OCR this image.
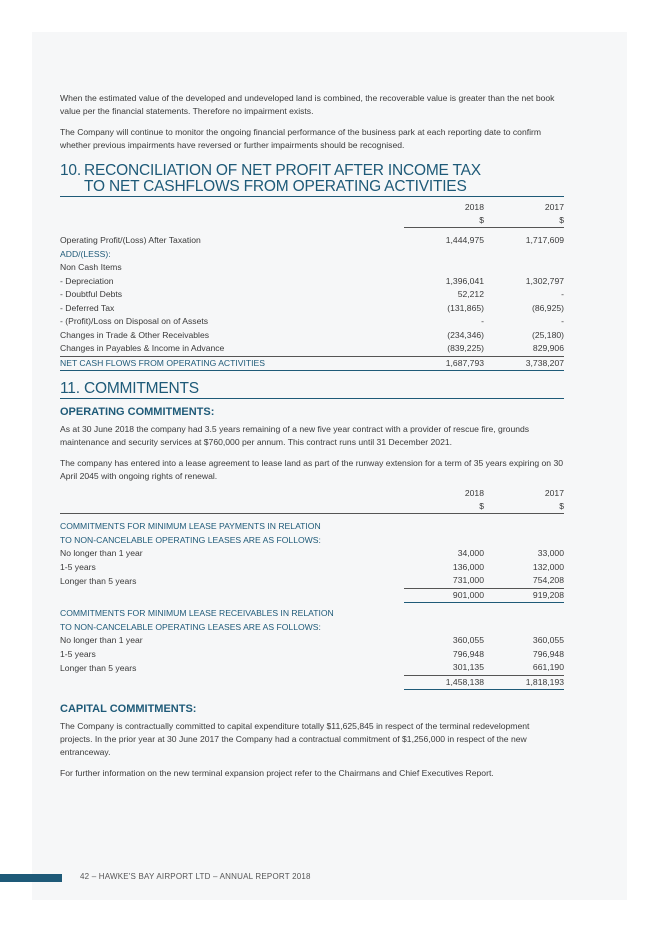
When the estimated value of the developed and undeveloped land is combined, the recoverable value is greater than the net book value per the financial statements. Therefore no impairment exists.

The Company will continue to monitor the ongoing financial performance of the business park at each reporting date to confirm whether previous impairments have reversed or further impairments should be recognised.

10. RECONCILIATION OF NET PROFIT AFTER INCOME TAX
TO NET CASHFLOWS FROM OPERATING ACTIVITIES
	2018	2017
	$	$

Operating Profit/(Loss) After Taxation	1,444,975	1,717,609
ADD/(LESS):		
Non Cash Items		
- Depreciation	1,396,041	1,302,797
- Doubtful Debts	52,212	-
- Deferred Tax	(131,865)	(86,925)
- (Profit)/Loss on Disposal on of Assets	-	-
Changes in Trade & Other Receivables	(234,346)	(25,180)
Changes in Payables & Income in Advance	(839,225)	829,906
NET CASH FLOWS FROM OPERATING ACTIVITIES	1,687,793	3,738,207
11. COMMITMENTS
OPERATING COMMITMENTS:

As at 30 June 2018 the company had 3.5 years remaining of a new five year contract with a provider of rescue fire, grounds maintenance and security services at $760,000 per annum. This contract runs until 31 December 2021.

The company has entered into a lease agreement to lease land as part of the runway extension for a term of 35 years expiring on 30 April 2045 with ongoing rights of renewal.

	2018	2017
	$	$

COMMITMENTS FOR MINIMUM LEASE PAYMENTS IN RELATION		
TO NON-CANCELABLE OPERATING LEASES ARE AS FOLLOWS:		
No longer than 1 year	34,000	33,000
1-5 years	136,000	132,000
Longer than 5 years	731,000	754,208
	901,000	919,208

COMMITMENTS FOR MINIMUM LEASE RECEIVABLES IN RELATION		
TO NON-CANCELABLE OPERATING LEASES ARE AS FOLLOWS:		
No longer than 1 year	360,055	360,055
1-5 years	796,948	796,948
Longer than 5 years	301,135	661,190
	1,458,138	1,818,193
CAPITAL COMMITMENTS:

The Company is contractually committed to capital expenditure totally $11,625,845 in respect of the terminal redevelopment projects. In the prior year at 30 June 2017 the Company had a contractual commitment of $1,256,000 in respect of the new entranceway.

For further information on the new terminal expansion project refer to the Chairmans and Chief Executives Report.

42 – HAWKE'S BAY AIRPORT LTD – ANNUAL REPORT 2018
